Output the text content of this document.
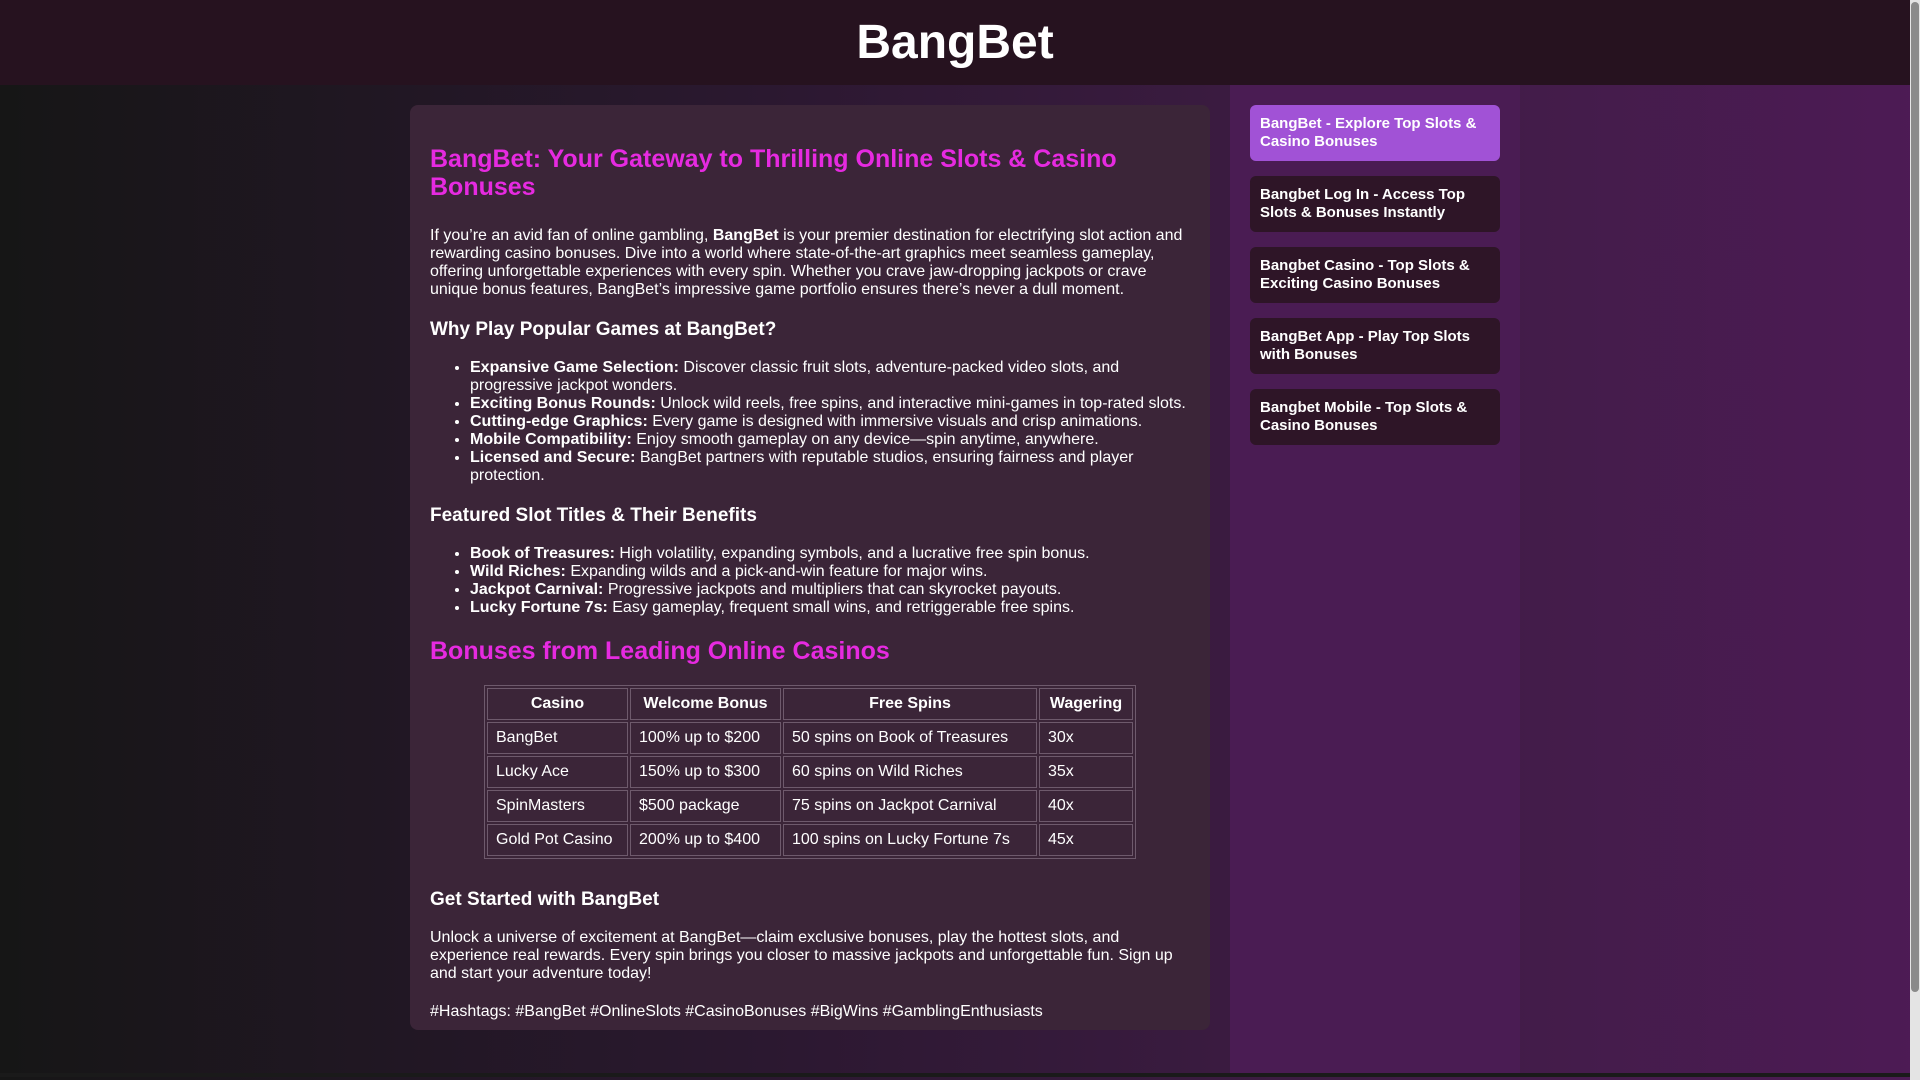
BangBet
BangBet: Your Gateway to Thrilling Online Slots & Casino Bonuses

If you’re an avid fan of online gambling, BangBet is your premier destination for electrifying slot action and rewarding casino bonuses. Dive into a world where state-of-the-art graphics meet seamless gameplay, offering unforgettable experiences with every spin. Whether you crave jaw-dropping jackpots or crave unique bonus features, BangBet’s impressive game portfolio ensures there’s never a dull moment.

Why Play Popular Games at BangBet?
• Expansive Game Selection: Discover classic fruit slots, adventure-packed video slots, and progressive jackpot wonders.
• Exciting Bonus Rounds: Unlock wild reels, free spins, and interactive mini-games in top-rated slots.
• Cutting-edge Graphics: Every game is designed with immersive visuals and crisp animations.
• Mobile Compatibility: Enjoy smooth gameplay on any device—spin anytime, anywhere.
• Licensed and Secure: BangBet partners with reputable studios, ensuring fairness and player protection.
Featured Slot Titles & Their Benefits
• Book of Treasures: High volatility, expanding symbols, and a lucrative free spin bonus.
• Wild Riches: Expanding wilds and a pick-and-win feature for major wins.
• Jackpot Carnival: Progressive jackpots and multipliers that can skyrocket payouts.
• Lucky Fortune 7s: Easy gameplay, frequent small wins, and retriggerable free spins.
Bonuses from Leading Online Casinos
Casino	Welcome Bonus	Free Spins	Wagering
BangBet	100% up to $200	50 spins on Book of Treasures	30x
Lucky Ace	150% up to $300	60 spins on Wild Riches	35x
SpinMasters	$500 package	75 spins on Jackpot Carnival	40x
Gold Pot Casino	200% up to $400	100 spins on Lucky Fortune 7s	45x
Get Started with BangBet

Unlock a universe of excitement at BangBet—claim exclusive bonuses, play the hottest slots, and experience real rewards. Every spin brings you closer to massive jackpots and unforgettable fun. Sign up and start your adventure today!

#Hashtags: #BangBet #OnlineSlots #CasinoBonuses #BigWins #GamblingEnthusiasts

BangBet - Explore Top Slots & Casino Bonuses
Bangbet Log In - Access Top Slots & Bonuses Instantly
Bangbet Casino - Top Slots & Exciting Casino Bonuses
BangBet App - Play Top Slots with Bonuses
Bangbet Mobile - Top Slots & Casino Bonuses
